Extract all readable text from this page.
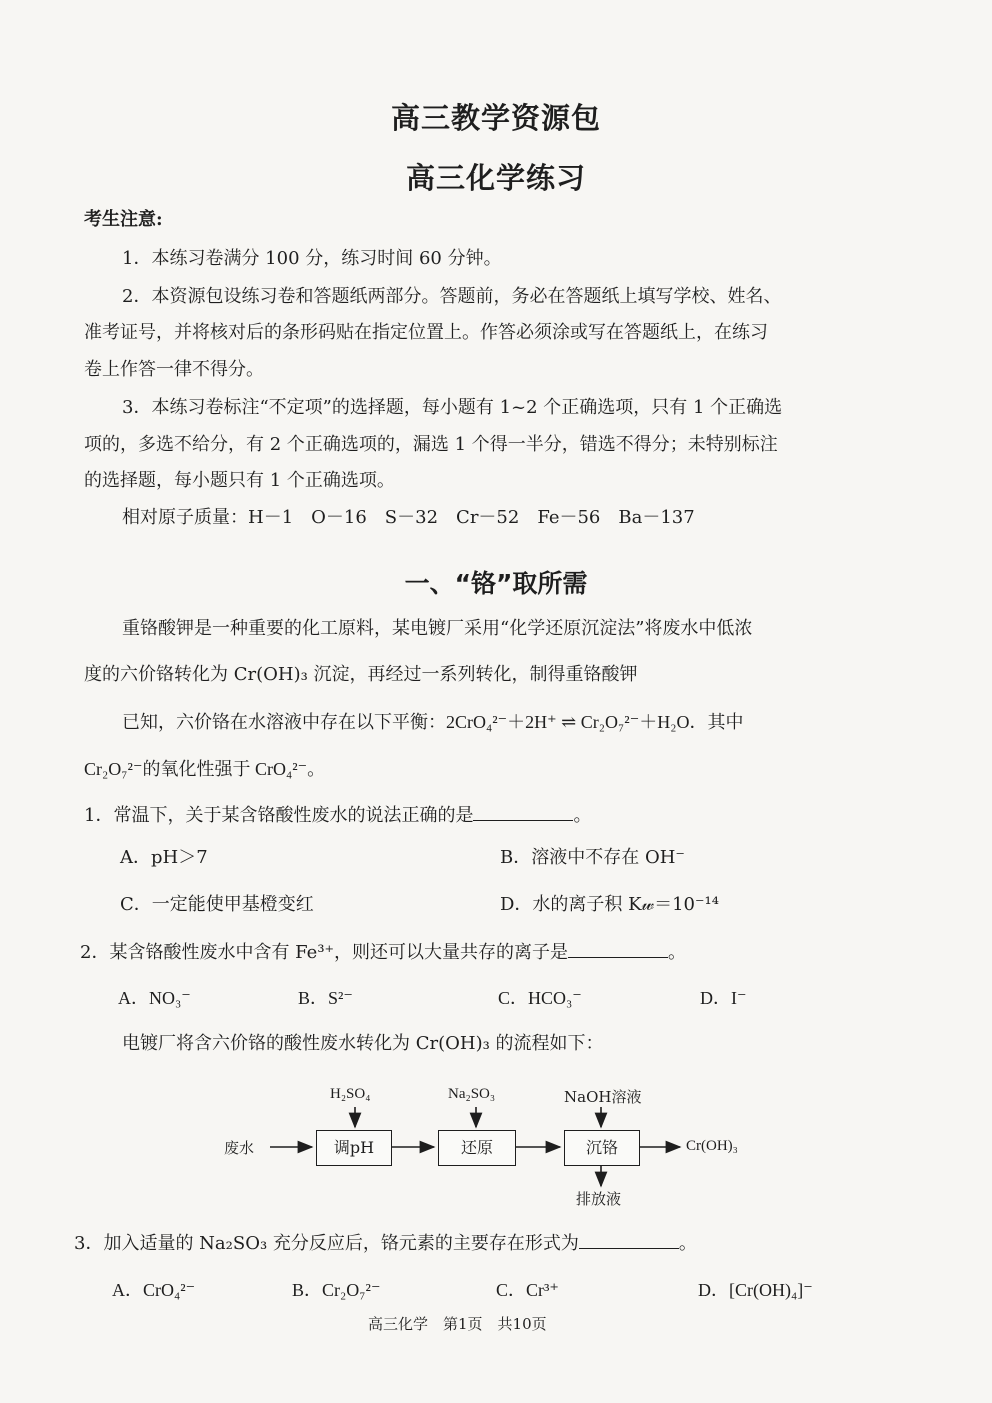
高三教学资源包
高三化学练习
考生注意:
1．本练习卷满分 100 分，练习时间 60 分钟。
2．本资源包设练习卷和答题纸两部分。答题前，务必在答题纸上填写学校、姓名、
准考证号，并将核对后的条形码贴在指定位置上。作答必须涂或写在答题纸上，在练习
卷上作答一律不得分。
3．本练习卷标注“不定项”的选择题，每小题有 1~2 个正确选项，只有 1 个正确选
项的，多选不给分，有 2 个正确选项的，漏选 1 个得一半分，错选不得分；未特别标注
的选择题，每小题只有 1 个正确选项。
相对原子质量：H－1　O－16　S－32　Cr－52　Fe－56　Ba－137
一、“铬”取所需
重铬酸钾是一种重要的化工原料，某电镀厂采用“化学还原沉淀法”将废水中低浓
度的六价铬转化为 Cr(OH)₃ 沉淀，再经过一系列转化，制得重铬酸钾
已知，六价铬在水溶液中存在以下平衡：2CrO₄²⁻＋2H⁺ ⇌ Cr₂O₇²⁻＋H₂O．其中
Cr₂O₇²⁻的氧化性强于 CrO₄²⁻。
1．常温下，关于某含铬酸性废水的说法正确的是	。
A．pH＞7	B．溶液中不存在 OH⁻
C．一定能使甲基橙变红	D．水的离子积 K𝓌＝10⁻¹⁴
2．某含铬酸性废水中含有 Fe³⁺，则还可以大量共存的离子是	。
A．NO₃⁻	B．S²⁻	C．HCO₃⁻	D．I⁻
电镀厂将含六价铬的酸性废水转化为 Cr(OH)₃ 的流程如下：
废水	调pH	还原	沉铬	Cr(OH)₃
H₂SO₄	Na₂SO₃	NaOH溶液
排放液
3．加入适量的 Na₂SO₃ 充分反应后，铬元素的主要存在形式为	。
A．CrO₄²⁻	B．Cr₂O₇²⁻	C．Cr³⁺	D．[Cr(OH)₄]⁻
高三化学　第1页　共10页
